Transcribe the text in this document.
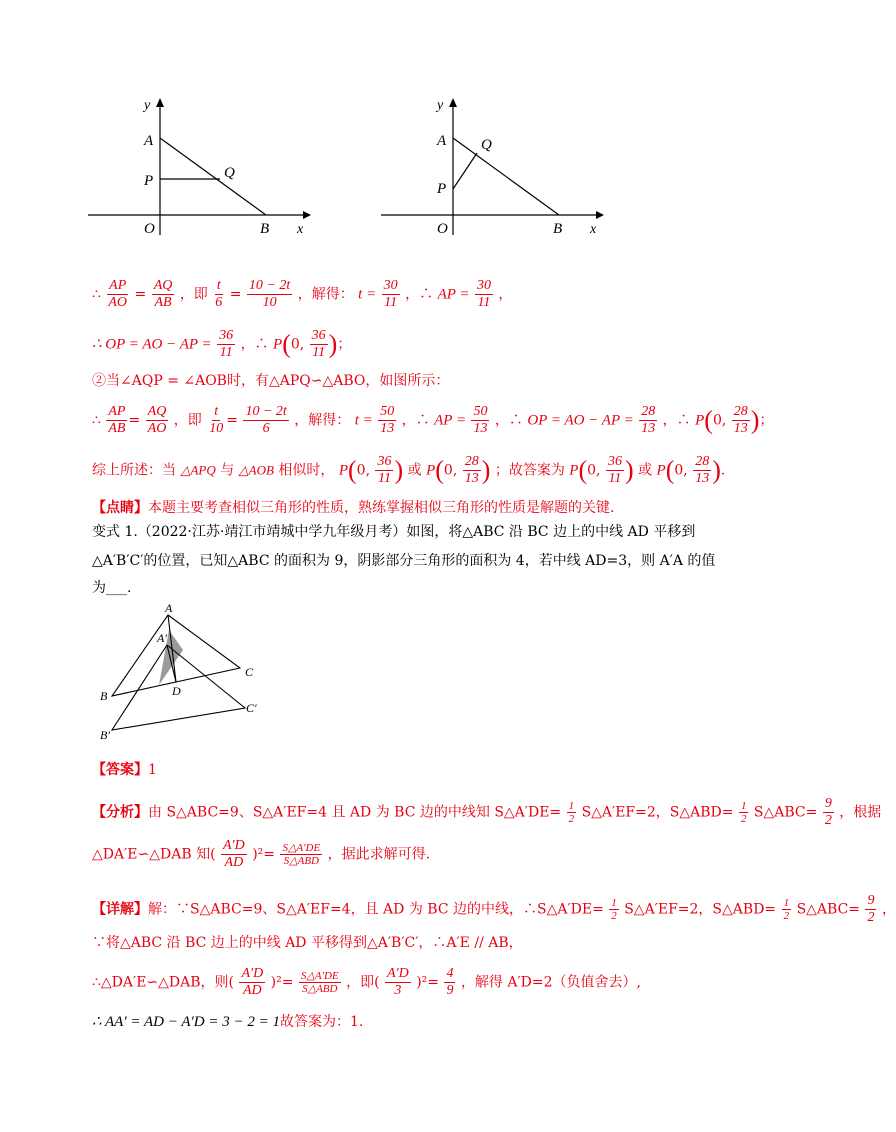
y
A
P	Q
O	B x
y
A
P
Q
O	B x
∴ $\frac{AP}{AO} = \frac{AQ}{AB}$ ，即 $\frac{t}{6} = \frac{10 - 2t}{10}$ ，解得： $t = \frac{30}{11}$ ，∴ AP = $\frac{30}{11}$ ，
∴ OP = AO − AP = $\frac{36}{11}$ ，∴ P(0, $\frac{36}{11}$ )；
②当∠AQP = ∠AOB时，有△APQ∽△ABO，如图所示：
∴ $\frac{AP}{AB} = \frac{AQ}{AO}$ ，即 $\frac{t}{10} = \frac{10 - 2t}{6}$ ，解得： $t = \frac{50}{13}$ ，∴ AP = $\frac{50}{13}$ ，∴ OP = AO − AP = $\frac{28}{13}$ ，∴ P(0, $\frac{28}{13}$ )；
综上所述：当 △APQ 与 △AOB 相似时， P(0, $\frac{36}{11}$ ) 或 P(0, $\frac{28}{13}$ ) ；故答案为 P(0, $\frac{36}{11}$ ) 或 P(0, $\frac{28}{13}$ ).
【点睛】本题主要考查相似三角形的性质，熟练掌握相似三角形的性质是解题的关键.
变式 1.（2022·江苏·靖江市靖城中学九年级月考）如图，将△ABC 沿 BC 边上的中线 AD 平移到
△A′B′C′的位置，已知△ABC 的面积为 9，阴影部分三角形的面积为 4，若中线 AD=3，则 A′A 的值
为___.
A
A′
B
C
D
C′
B′
【答案】1
【分析】由 S△ABC=9、S△A′EF=4 且 AD 为 BC 边的中线知 S△A′DE= $\frac{1}{2}$ S△A′EF=2，S△ABD= $\frac{1}{2}$ S△ABC= $\frac{9}{2}$ ，根据
△DA′E∽△DAB 知( $\frac{A'D}{AD} )^2= \frac{S\triangle A'DE}{\text{S△ABD}}$ ，据此求解可得.
【详解】解：∵S△ABC=9、S△A′EF=4，且 AD 为 BC 边的中线，∴S△A′DE= $\frac{1}{2}$ S△A′EF=2，S△ABD= $\frac{1}{2}$ S△ABC= $\frac{9}{2}$ ，
∵将△ABC 沿 BC 边上的中线 AD 平移得到△A′B′C′，∴A′E // AB，
∴△DA′E∽△DAB，则( $\frac{A'D}{AD} )^2= \frac{S\triangle A'DE}{\text{S△ABD}}$ ，即( $\frac{A'D}{3} )^2= \frac{4}{9}$ ，解得 A′D=2（负值舍去）,
∴ AA′ = AD − A′D = 3 − 2 = 1故答案为：1.
